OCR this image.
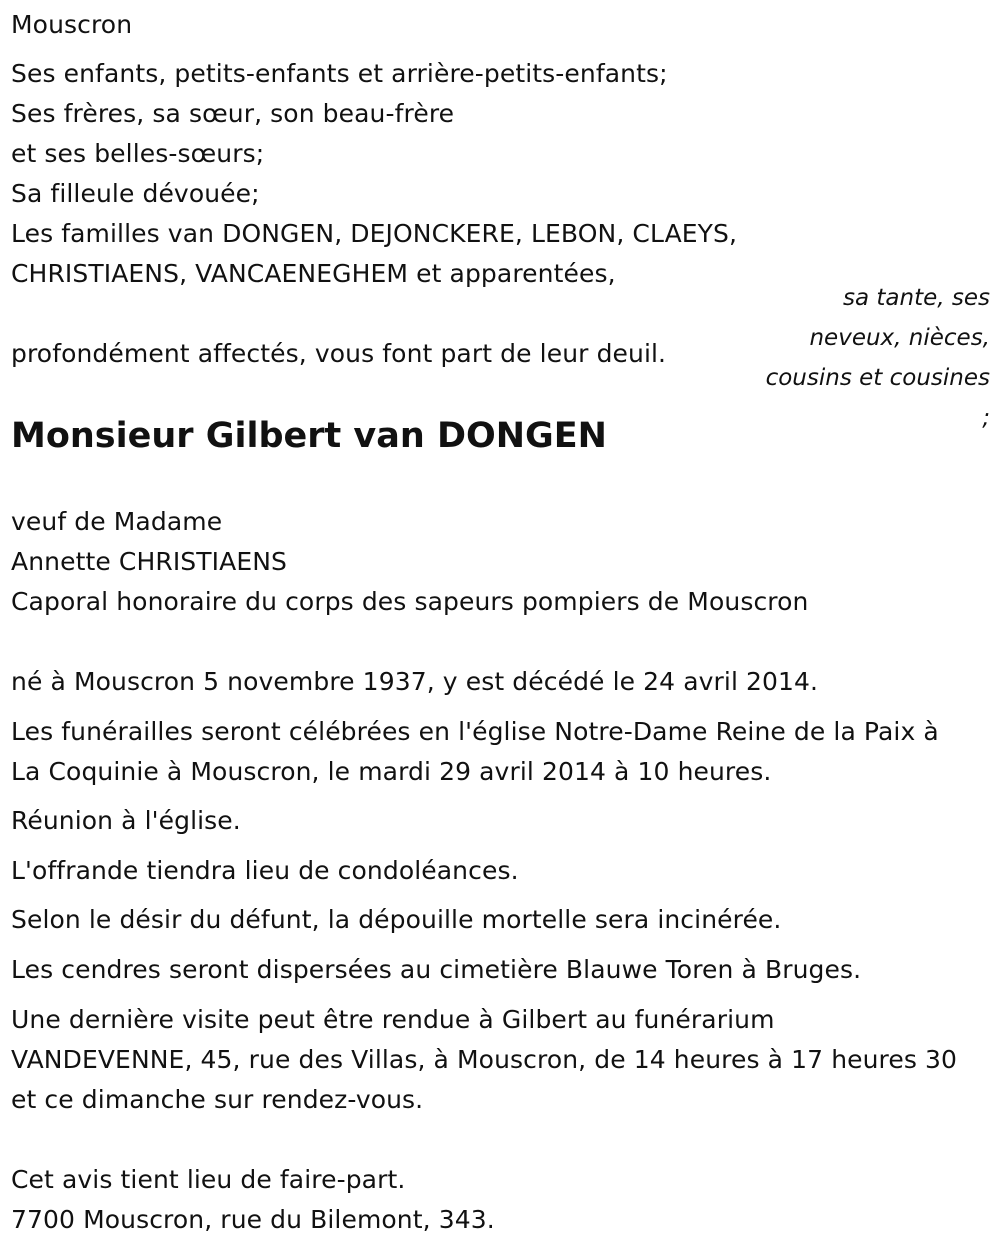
Mouscron
Ses enfants, petits-enfants et arrière-petits-enfants;
Ses frères, sa sœur, son beau-frère
et ses belles-sœurs;
Sa filleule dévouée;
Les familles van DONGEN, DEJONCKERE, LEBON, CLAEYS,
CHRISTIAENS, VANCAENEGHEM et apparentées,
sa tante, ses
neveux, nièces,
cousins et cousines
;
profondément affectés, vous font part de leur deuil.
Monsieur Gilbert van DONGEN
veuf de Madame
Annette CHRISTIAENS
Caporal honoraire du corps des sapeurs pompiers de Mouscron
né à Mouscron 5 novembre 1937, y est décédé le 24 avril 2014.
Les funérailles seront célébrées en l'église Notre-Dame Reine de la Paix à
La Coquinie à Mouscron, le mardi 29 avril 2014 à 10 heures.
Réunion à l'église.
L'offrande tiendra lieu de condoléances.
Selon le désir du défunt, la dépouille mortelle sera incinérée.
Les cendres seront dispersées au cimetière Blauwe Toren à Bruges.
Une dernière visite peut être rendue à Gilbert au funérarium
VANDEVENNE, 45, rue des Villas, à Mouscron, de 14 heures à 17 heures 30
et ce dimanche sur rendez-vous.
Cet avis tient lieu de faire-part.
7700 Mouscron, rue du Bilemont, 343.
